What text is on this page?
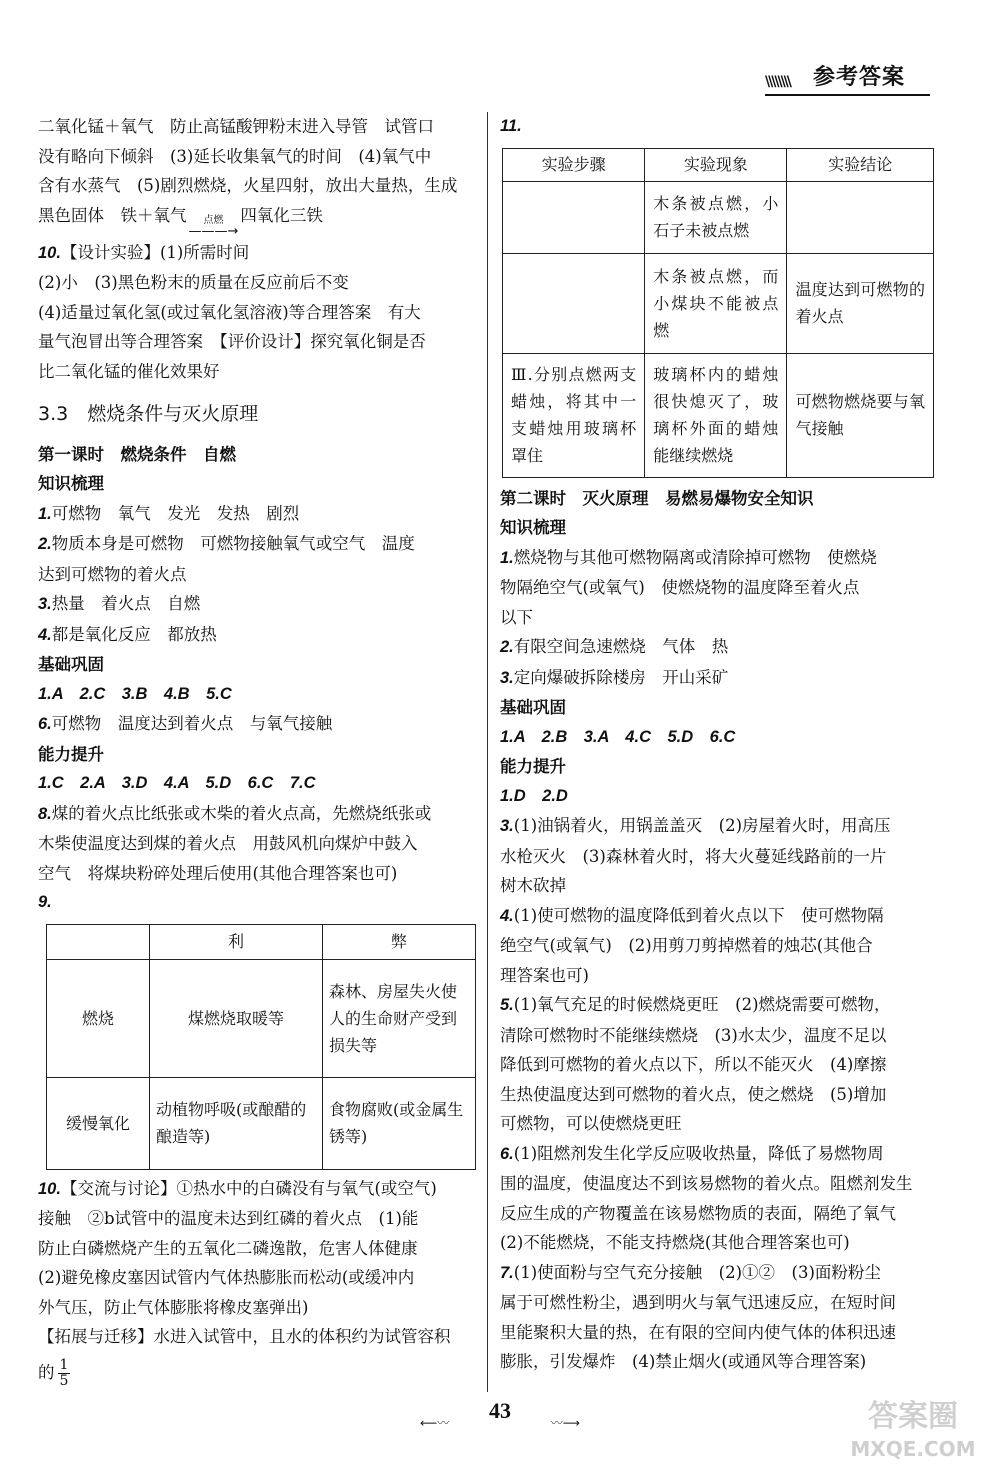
\\\\\\\\ 参考答案

二氧化锰＋氧气　防止高锰酸钾粉末进入导管　试管口

没有略向下倾斜　(3)延长收集氧气的时间　(4)氧气中

含有水蒸气　(5)剧烈燃烧，火星四射，放出大量热，生成

黑色固体　铁＋氧气 点燃
———→
四氧化三铁

10.【设计实验】(1)所需时间

(2)小　(3)黑色粉末的质量在反应前后不变

(4)适量过氧化氢(或过氧化氢溶液)等合理答案　有大

量气泡冒出等合理答案　【评价设计】探究氧化铜是否

比二氧化锰的催化效果好

3.3　燃烧条件与灭火原理

第一课时　燃烧条件　自燃

知识梳理

1.可燃物　氧气　发光　发热　剧烈

2.物质本身是可燃物　可燃物接触氧气或空气　温度

达到可燃物的着火点

3.热量　着火点　自燃

4.都是氧化反应　都放热

基础巩固

1.A　2.C　3.B　4.B　5.C

6.可燃物　温度达到着火点　与氧气接触

能力提升

1.C　2.A　3.D　4.A　5.D　6.C　7.C

8.煤的着火点比纸张或木柴的着火点高，先燃烧纸张或

木柴使温度达到煤的着火点　用鼓风机向煤炉中鼓入

空气　将煤块粉碎处理后使用(其他合理答案也可)

9.

	利	弊
燃烧	煤燃烧取暖等	森林、房屋失火使人的生命财产受到损失等
缓慢氧化	动植物呼吸(或酿醋的酿造等)	食物腐败(或金属生锈等)

10.【交流与讨论】①热水中的白磷没有与氧气(或空气)

接触　②b试管中的温度未达到红磷的着火点　(1)能

防止白磷燃烧产生的五氧化二磷逸散，危害人体健康

(2)避免橡皮塞因试管内气体热膨胀而松动(或缓冲内

外气压，防止气体膨胀将橡皮塞弹出)

【拓展与迁移】水进入试管中，且水的体积约为试管容积

的 $\frac{1}{5}$

11.

实验步骤	实验现象	实验结论
	木条被点燃，小石子未被点燃	
	木条被点燃，而小煤块不能被点燃	温度达到可燃物的着火点
Ⅲ.分别点燃两支蜡烛，将其中一支蜡烛用玻璃杯罩住	玻璃杯内的蜡烛很快熄灭了，玻璃杯外面的蜡烛能继续燃烧	可燃物燃烧要与氧气接触

第二课时　灭火原理　易燃易爆物安全知识

知识梳理

1.燃烧物与其他可燃物隔离或清除掉可燃物　使燃烧

物隔绝空气(或氧气)　使燃烧物的温度降至着火点

以下

2.有限空间急速燃烧　气体　热

3.定向爆破拆除楼房　开山采矿

基础巩固

1.A　2.B　3.A　4.C　5.D　6.C

能力提升

1.D　2.D

3.(1)油锅着火，用锅盖盖灭　(2)房屋着火时，用高压

水枪灭火　(3)森林着火时，将大火蔓延线路前的一片

树木砍掉

4.(1)使可燃物的温度降低到着火点以下　使可燃物隔

绝空气(或氧气)　(2)用剪刀剪掉燃着的烛芯(其他合

理答案也可)

5.(1)氧气充足的时候燃烧更旺　(2)燃烧需要可燃物，

清除可燃物时不能继续燃烧　(3)水太少，温度不足以

降低到可燃物的着火点以下，所以不能灭火　(4)摩擦

生热使温度达到可燃物的着火点，使之燃烧　(5)增加

可燃物，可以使燃烧更旺

6.(1)阻燃剂发生化学反应吸收热量，降低了易燃物周

围的温度，使温度达不到该易燃物的着火点。阻燃剂发生

反应生成的产物覆盖在该易燃物质的表面，隔绝了氧气

(2)不能燃烧，不能支持燃烧(其他合理答案也可)

7.(1)使面粉与空气充分接触　(2)①②　(3)面粉粉尘

属于可燃性粉尘，遇到明火与氧气迅速反应，在短时间

里能聚积大量的热，在有限的空间内使气体的体积迅速

膨胀，引发爆炸　(4)禁止烟火(或通风等合理答案)

⟵〰	43	〰⟶	答案圈
MXQE.COM
